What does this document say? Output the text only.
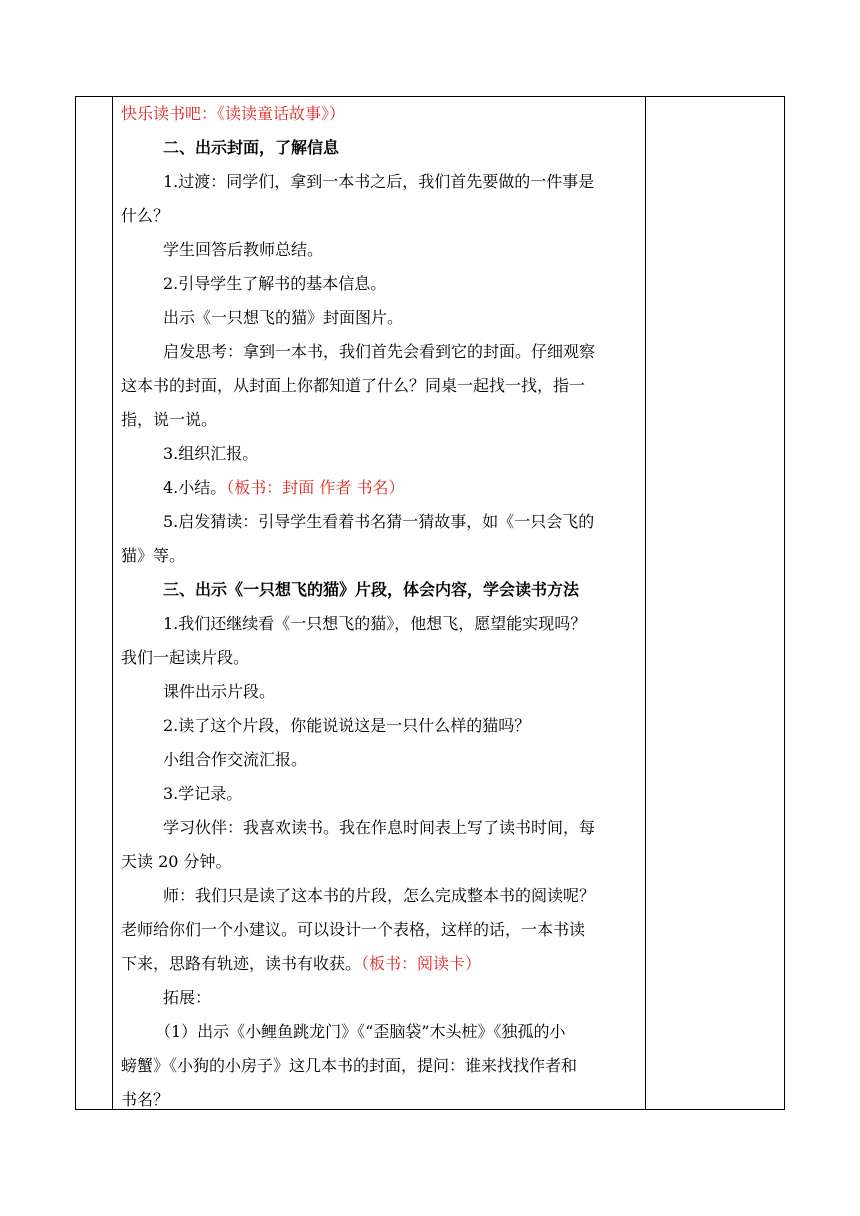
快乐读书吧：《读读童话故事》）
二、出示封面，了解信息
1.过渡：同学们，拿到一本书之后，我们首先要做的一件事是
什么？
学生回答后教师总结。
2.引导学生了解书的基本信息。
出示《一只想飞的猫》封面图片。
启发思考：拿到一本书，我们首先会看到它的封面。仔细观察
这本书的封面，从封面上你都知道了什么？同桌一起找一找，指一
指，说一说。
3.组织汇报。
4.小结。（板书：封面 作者 书名）
5.启发猜读：引导学生看着书名猜一猜故事，如《一只会飞的
猫》等。
三、出示《一只想飞的猫》片段，体会内容，学会读书方法
1.我们还继续看《一只想飞的猫》，他想飞，愿望能实现吗？
我们一起读片段。
课件出示片段。
2.读了这个片段，你能说说这是一只什么样的猫吗？
小组合作交流汇报。
3.学记录。
学习伙伴：我喜欢读书。我在作息时间表上写了读书时间，每
天读 20 分钟。
师：我们只是读了这本书的片段，怎么完成整本书的阅读呢？
老师给你们一个小建议。可以设计一个表格，这样的话，一本书读
下来，思路有轨迹，读书有收获。（板书：阅读卡）
拓展：
（1）出示《小鲤鱼跳龙门》《“歪脑袋”木头桩》《独孤的小
螃蟹》《小狗的小房子》这几本书的封面，提问：谁来找找作者和
书名？
